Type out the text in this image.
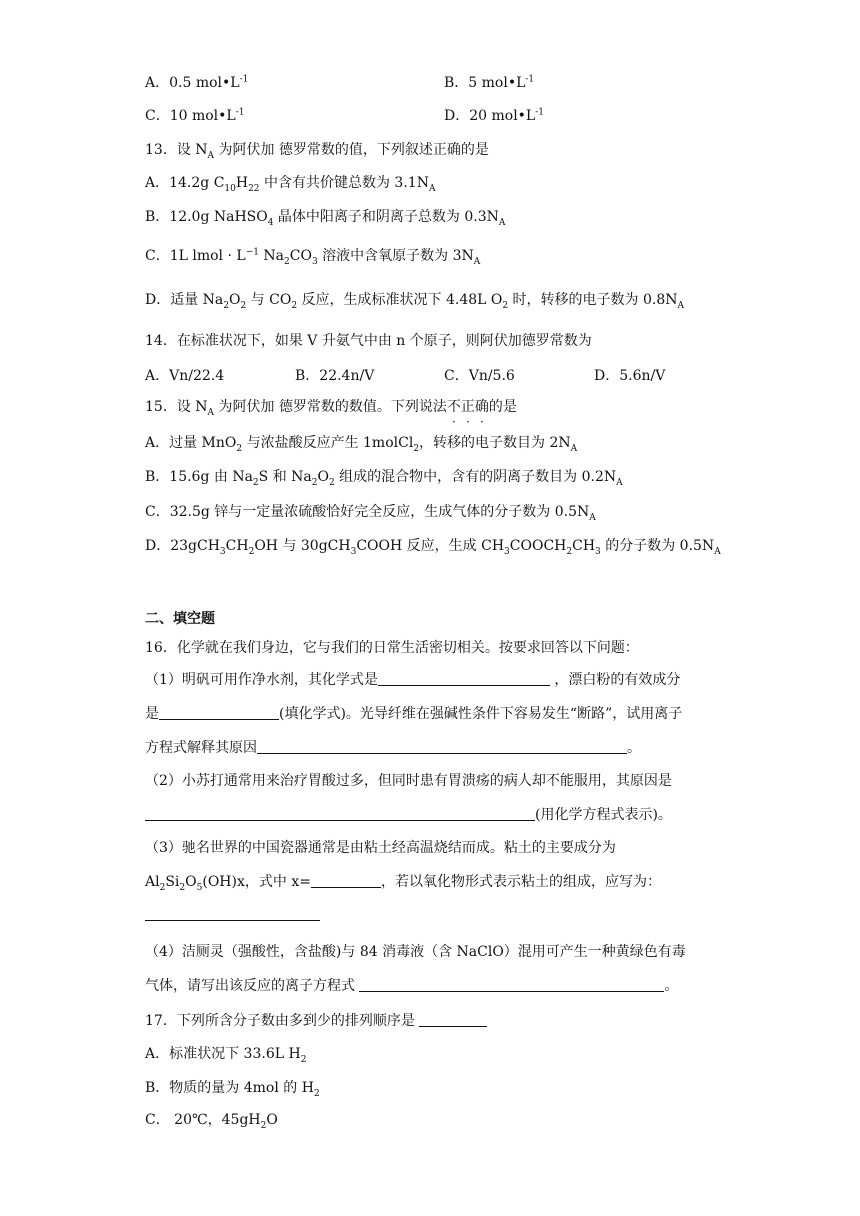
A．0.5 $mol•L^{-1}$	B．5 $mol•L^{-1}$
C．10 $mol•L^{-1}$	D．20 $mol•L^{-1}$
13．设 $N_A$ 为阿伏加 德罗常数的值，下列叙述正确的是
A．14.2g $C_{10}H_{22}$ 中含有共价键总数为 $3.1N_A$
B．12.0g NaHSO$_4$ 晶体中阳离子和阴离子总数为 $0.3N_A$
C．1L lmol · $L^{-1}$ $Na_2CO_3$ 溶液中含氧原子数为 $3N_A$
D．适量 $Na_2O_2$ 与 $CO_2$ 反应，生成标准状况下 4.48L $O_2$ 时，转移的电子数为 $0.8N_A$
14．在标准状况下，如果 V 升氨气中由 n 个原子，则阿伏加德罗常数为
A．Vn/22.4	B．22.4n/V	C．Vn/5.6	D．5.6n/V
15．设 $N_A$ 为阿伏加 德罗常数的数值。下列说法不正确的是
A．过量 MnO$_2$ 与浓盐酸反应产生 1molCl$_2$，转移的电子数目为 $2N_A$
B．15.6g 由 $Na_2S$ 和 $Na_2O_2$ 组成的混合物中，含有的阴离子数目为 $0.2N_A$
C．32.5g 锌与一定量浓硫酸恰好完全反应，生成气体的分子数为 $0.5N_A$
D．$23gCH_3CH_2OH$ 与 30gCH$_3$COOH 反应，生成 $CH_3COOCH_2CH_3$ 的分子数为 $0.5N_A$
二、填空题
16．化学就在我们身边，它与我们的日常生活密切相关。按要求回答以下问题：
（1）明矾可用作净水剂，其化学式是	，漂白粉的有效成分
是	(填化学式)。光导纤维在强碱性条件下容易发生“断路”，试用离子
方程式解释其原因	。
（2）小苏打通常用来治疗胃酸过多，但同时患有胃溃疡的病人却不能服用，其原因是
(用化学方程式表示)。
（3）驰名世界的中国瓷器通常是由粘土经高温烧结而成。粘土的主要成分为
$Al_2Si_2O_5(OH)x$，式中 x=	，若以氧化物形式表示粘土的组成，应写为：
（4）洁厕灵（强酸性，含盐酸)与 84 消毒液（含 NaClO）混用可产生一种黄绿色有毒
气体，请写出该反应的离子方程式	。
17．下列所含分子数由多到少的排列顺序是
A．标准状况下 33.6L $H_2$
B．物质的量为 4mol 的 $H_2$
C． 20℃，$45gH_2O$
